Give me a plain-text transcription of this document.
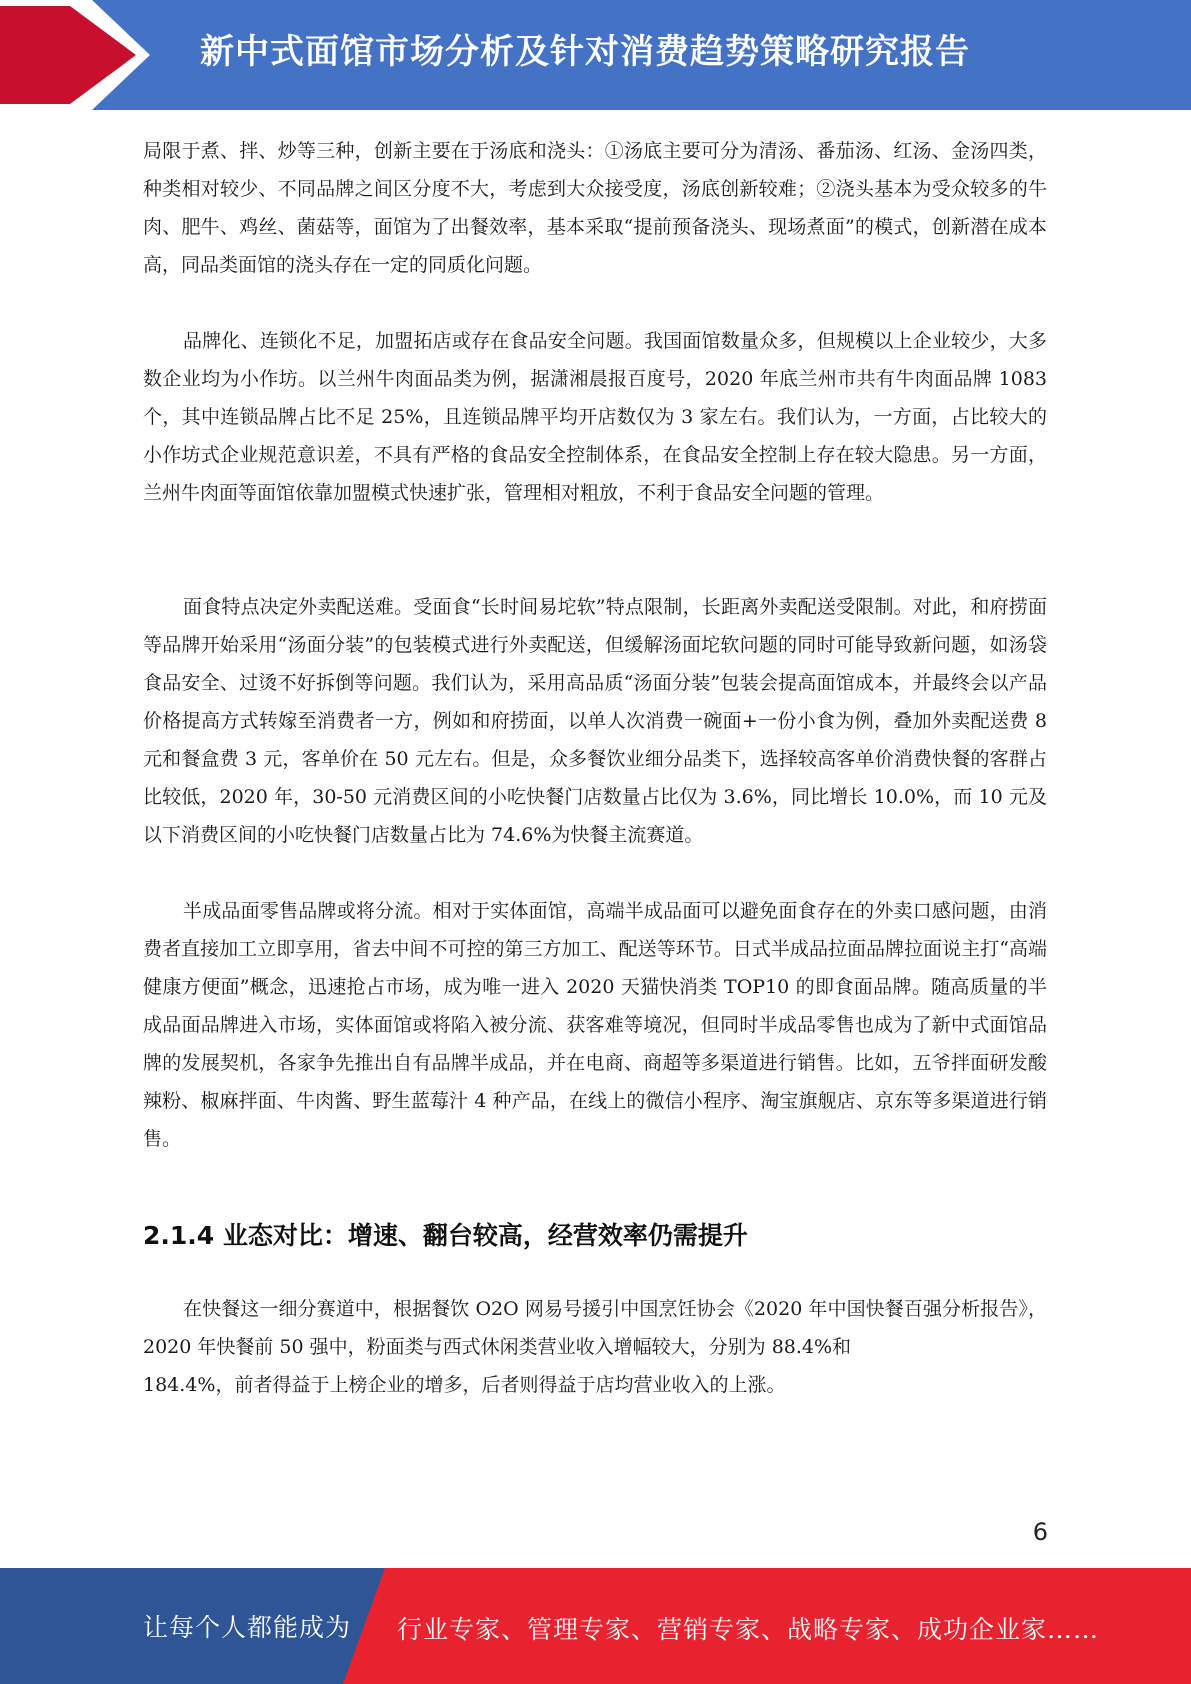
新中式面馆市场分析及针对消费趋势策略研究报告

局限于煮、拌、炒等三种，创新主要在于汤底和浇头：①汤底主要可分为清汤、番茄汤、红汤、金汤四类，种类相对较少、不同品牌之间区分度不大，考虑到大众接受度，汤底创新较难；②浇头基本为受众较多的牛肉、肥牛、鸡丝、菌菇等，面馆为了出餐效率，基本采取“提前预备浇头、现场煮面”的模式，创新潜在成本高，同品类面馆的浇头存在一定的同质化问题。

品牌化、连锁化不足，加盟拓店或存在食品安全问题。我国面馆数量众多，但规模以上企业较少，大多数企业均为小作坊。以兰州牛肉面品类为例，据潇湘晨报百度号，2020 年底兰州市共有牛肉面品牌 1083 个，其中连锁品牌占比不足 25%，且连锁品牌平均开店数仅为 3 家左右。我们认为，一方面，占比较大的小作坊式企业规范意识差，不具有严格的食品安全控制体系，在食品安全控制上存在较大隐患。另一方面，兰州牛肉面等面馆依靠加盟模式快速扩张，管理相对粗放，不利于食品安全问题的管理。

面食特点决定外卖配送难。受面食“长时间易坨软”特点限制，长距离外卖配送受限制。对此，和府捞面等品牌开始采用“汤面分装”的包装模式进行外卖配送，但缓解汤面坨软问题的同时可能导致新问题，如汤袋食品安全、过烫不好拆倒等问题。我们认为，采用高品质“汤面分装”包装会提高面馆成本，并最终会以产品价格提高方式转嫁至消费者一方，例如和府捞面，以单人次消费一碗面+一份小食为例，叠加外卖配送费 8 元和餐盒费 3 元，客单价在 50 元左右。但是，众多餐饮业细分品类下，选择较高客单价消费快餐的客群占比较低，2020 年，30-50 元消费区间的小吃快餐门店数量占比仅为 3.6%，同比增长 10.0%，而 10 元及以下消费区间的小吃快餐门店数量占比为 74.6%为快餐主流赛道。

半成品面零售品牌或将分流。相对于实体面馆，高端半成品面可以避免面食存在的外卖口感问题，由消费者直接加工立即享用，省去中间不可控的第三方加工、配送等环节。日式半成品拉面品牌拉面说主打“高端健康方便面”概念，迅速抢占市场，成为唯一进入 2020 天猫快消类 TOP10 的即食面品牌。随高质量的半成品面品牌进入市场，实体面馆或将陷入被分流、获客难等境况，但同时半成品零售也成为了新中式面馆品牌的发展契机，各家争先推出自有品牌半成品，并在电商、商超等多渠道进行销售。比如，五爷拌面研发酸辣粉、椒麻拌面、牛肉酱、野生蓝莓汁 4 种产品，在线上的微信小程序、淘宝旗舰店、京东等多渠道进行销售。

2.1.4 业态对比：增速、翻台较高，经营效率仍需提升

在快餐这一细分赛道中，根据餐饮 O2O 网易号援引中国烹饪协会《2020 年中国快餐百强分析报告》，2020 年快餐前 50 强中，粉面类与西式休闲类营业收入增幅较大，分别为 88.4%和

184.4%，前者得益于上榜企业的增多，后者则得益于店均营业收入的上涨。

6
让每个人都能成为 行业专家、管理专家、营销专家、战略专家、成功企业家……
